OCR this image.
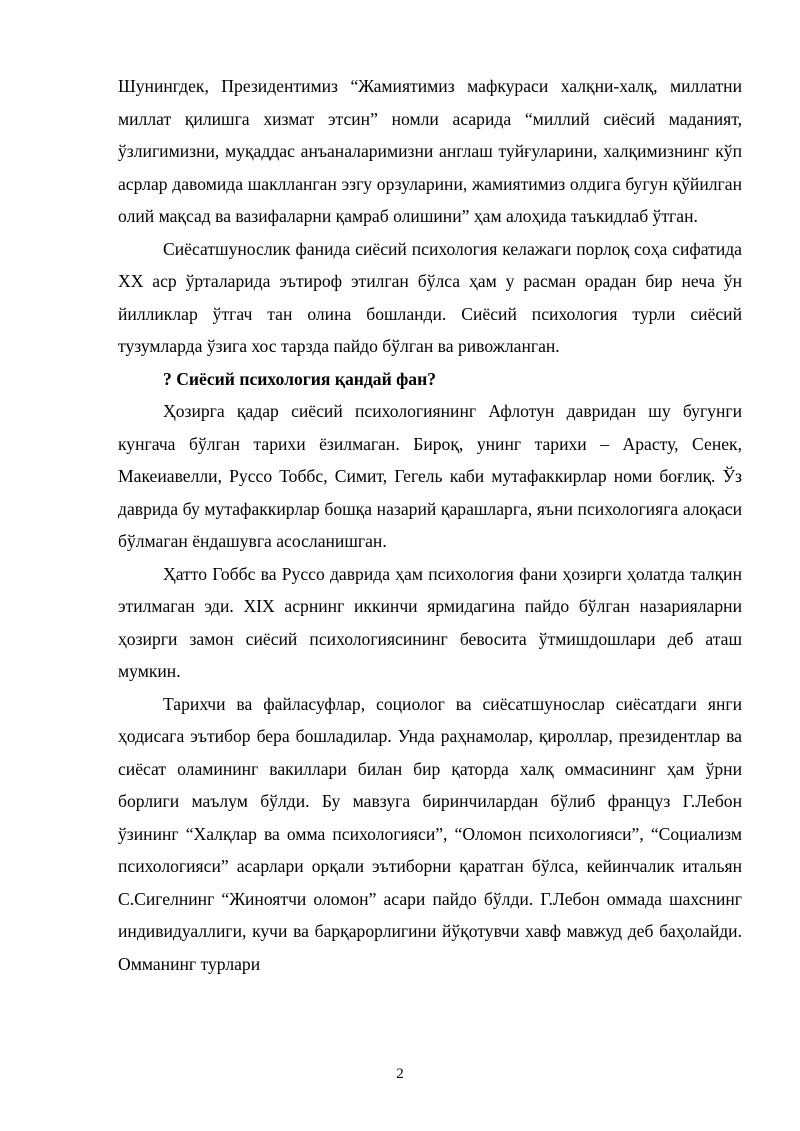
Шунингдек, Президентимиз “Жамиятимиз мафкураси халқни-халқ, миллатни миллат қилишга хизмат этсин” номли асарида “миллий сиёсий маданият, ўзлигимизни, муқаддас анъаналаримизни англаш туйғуларини, халқимизнинг кўп асрлар давомида шаклланган эзгу орзуларини, жамиятимиз олдига бугун қўйилган олий мақсад ва вазифаларни қамраб олишини” ҳам алоҳида таъкидлаб ўтган.

Сиёсатшунослик фанида сиёсий психология келажаги порлоқ соҳа сифатида XX аср ўрталарида эътироф этилган бўлса ҳам у расман орадан бир неча ўн йилликлар ўтгач тан олина бошланди. Сиёсий психология турли сиёсий тузумларда ўзига хос тарзда пайдо бўлган ва ривожланган.

? Сиёсий психология қандай фан?

Ҳозирга қадар сиёсий психологиянинг Афлотун давридан шу бугунги кунгача бўлган тарихи ёзилмаган. Бироқ, унинг тарихи – Арасту, Сенек, Макеиавелли, Руссо Тоббс, Симит, Гегель каби мутафаккирлар номи боғлиқ. Ўз даврида бу мутафаккирлар бошқа назарий қарашларга, яъни психологияга алоқаси бўлмаган ёндашувга асосланишган.

Ҳатто Гоббс ва Руссо даврида ҳам психология фани ҳозирги ҳолатда талқин этилмаган эди. XIX асрнинг иккинчи ярмидагина пайдо бўлган назарияларни ҳозирги замон сиёсий психологиясининг бевосита ўтмишдошлари деб аташ мумкин.

Тарихчи ва файласуфлар, социолог ва сиёсатшунослар сиёсатдаги янги ҳодисага эътибор бера бошладилар. Унда раҳнамолар, қироллар, президентлар ва сиёсат оламининг вакиллари билан бир қаторда халқ оммасининг ҳам ўрни борлиги маълум бўлди. Бу мавзуга биринчилардан бўлиб француз Г.Лебон ўзининг “Халқлар ва омма психологияси”, “Оломон психологияси”, “Социализм психологияси” асарлари орқали эътиборни қаратган бўлса, кейинчалик итальян С.Сигелнинг “Жиноятчи оломон” асари пайдо бўлди. Г.Лебон оммада шахснинг индивидуаллиги, кучи ва барқарорлигини йўқотувчи хавф мавжуд деб баҳолайди. Омманинг турлари

2
